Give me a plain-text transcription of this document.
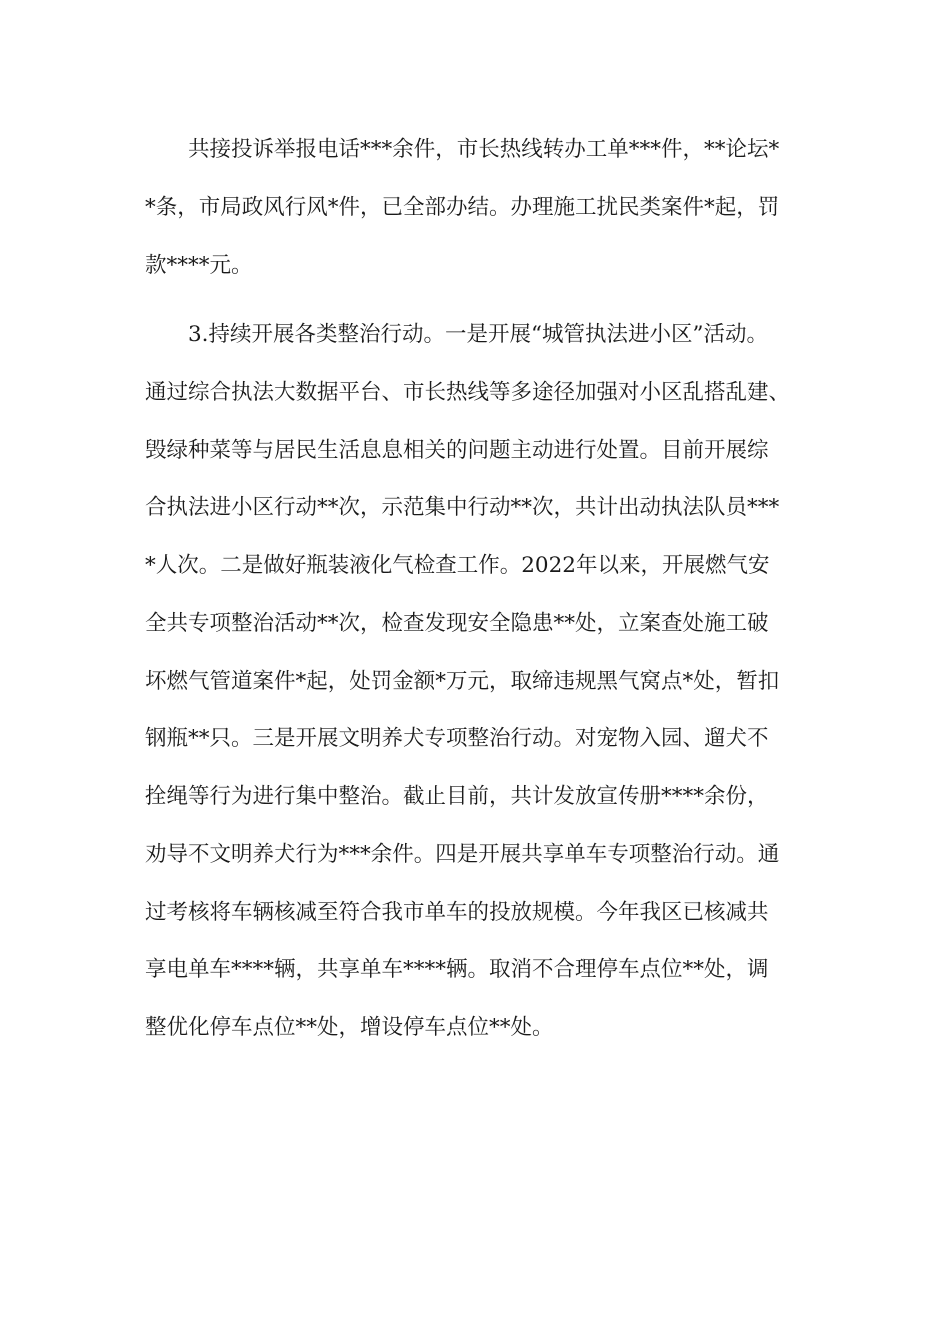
　　共接投诉举报电话***余件，市长热线转办工单***件，**论坛*
*条，市局政风行风*件，已全部办结。办理施工扰民类案件*起，罚
款****元。
　　3.持续开展各类整治行动。一是开展“城管执法进小区”活动。
通过综合执法大数据平台、市长热线等多途径加强对小区乱搭乱建、
毁绿种菜等与居民生活息息相关的问题主动进行处置。目前开展综
合执法进小区行动**次，示范集中行动**次，共计出动执法队员***
*人次。二是做好瓶装液化气检查工作。2022年以来，开展燃气安
全共专项整治活动**次，检查发现安全隐患**处，立案查处施工破
坏燃气管道案件*起，处罚金额*万元，取缔违规黑气窝点*处，暂扣
钢瓶**只。三是开展文明养犬专项整治行动。对宠物入园、遛犬不
拴绳等行为进行集中整治。截止目前，共计发放宣传册****余份，
劝导不文明养犬行为***余件。四是开展共享单车专项整治行动。通
过考核将车辆核减至符合我市单车的投放规模。今年我区已核减共
享电单车****辆，共享单车****辆。取消不合理停车点位**处，调
整优化停车点位**处，增设停车点位**处。
